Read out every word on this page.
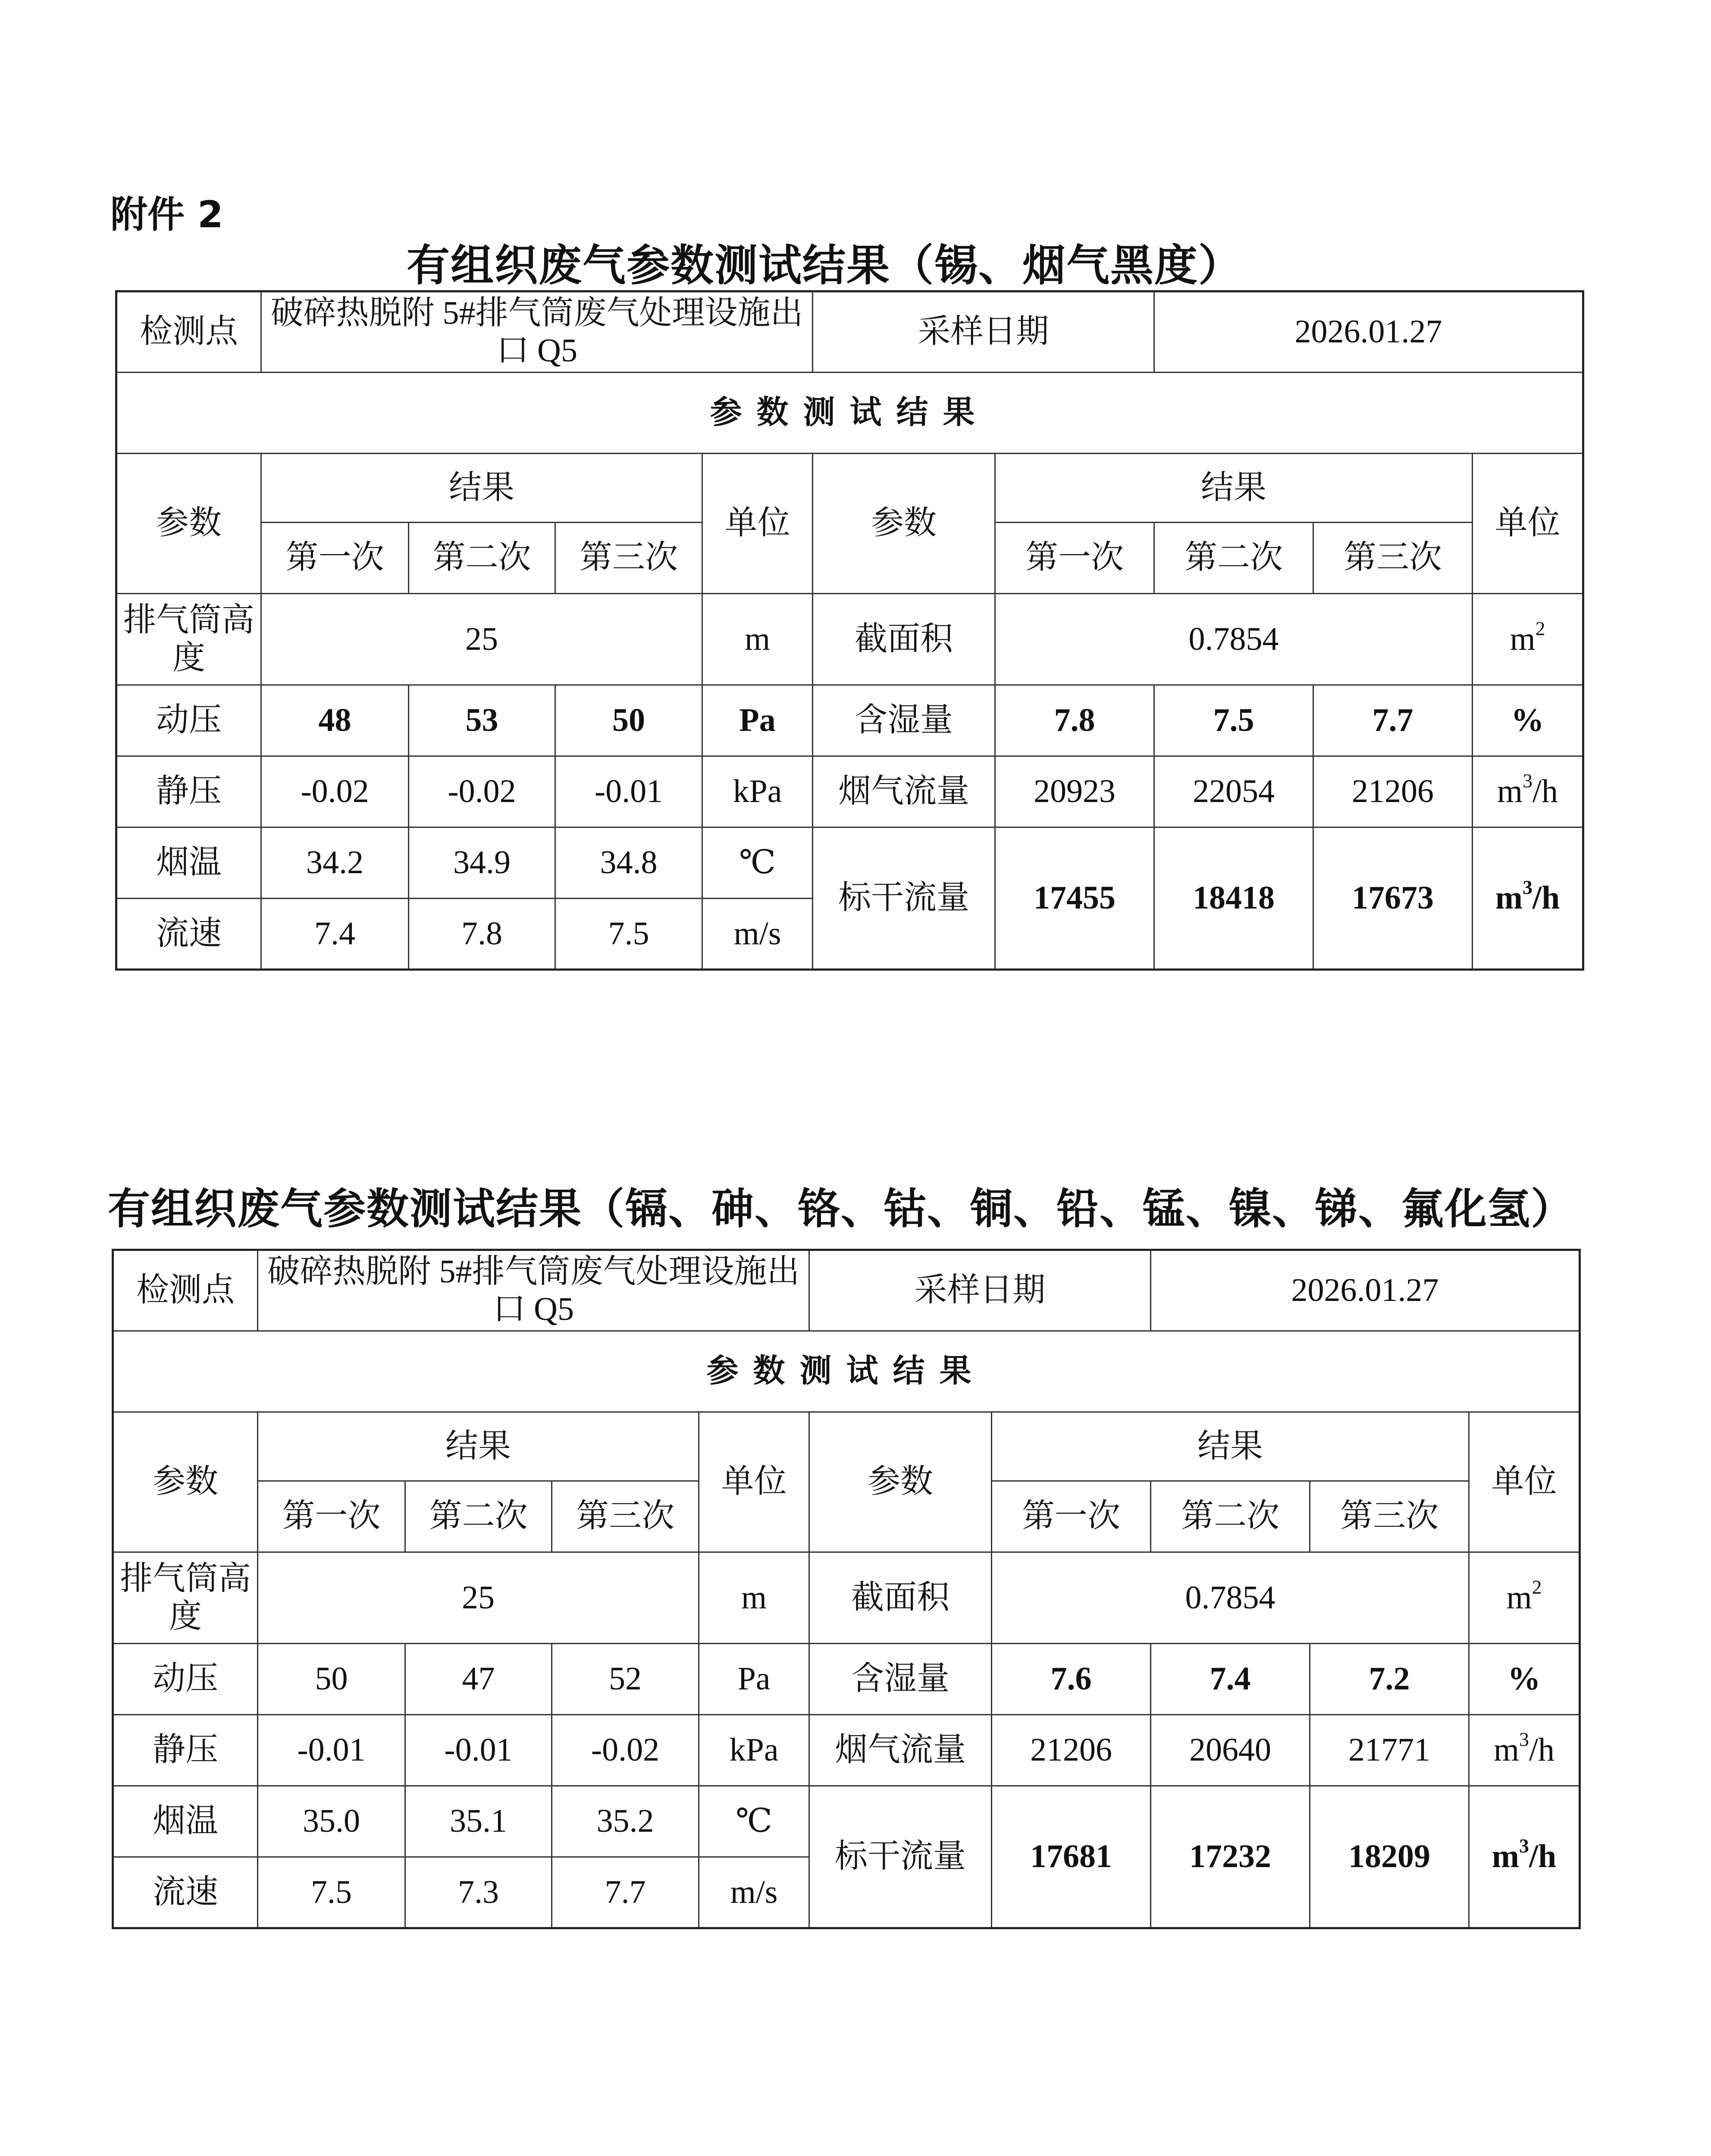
附件 2
有组织废气参数测试结果（锡、烟气黑度）
检测点	破碎热脱附 5#排气筒废气处理设施出口 Q5				采样日期		2026.01.27		
参数测试结果									
参数	结果			单位	参数	结果			单位
	第一次	第二次	第三次			第一次	第二次	第三次	
排气筒高度	25			m	截面积	0.7854			$m^2$
动压	48	53	50	Pa	含湿量	7.8	7.5	7.7	%
静压	-0.02	-0.02	-0.01	kPa	烟气流量	20923	22054	21206	$m^3/h$
烟温	34.2	34.9	34.8	℃	标干流量	17455	18418	17673	$m^3/h$
流速	7.4	7.8	7.5	m/s					
有组织废气参数测试结果（镉、砷、铬、钴、铜、铅、锰、镍、锑、氟化氢）
检测点	破碎热脱附 5#排气筒废气处理设施出口 Q5				采样日期		2026.01.27		
参数测试结果									
参数	结果			单位	参数	结果			单位
	第一次	第二次	第三次			第一次	第二次	第三次	
排气筒高度	25			m	截面积	0.7854			$m^2$
动压	50	47	52	Pa	含湿量	7.6	7.4	7.2	%
静压	-0.01	-0.01	-0.02	kPa	烟气流量	21206	20640	21771	$m^3/h$
烟温	35.0	35.1	35.2	℃	标干流量	17681	17232	18209	$m^3/h$
流速	7.5	7.3	7.7	m/s					
